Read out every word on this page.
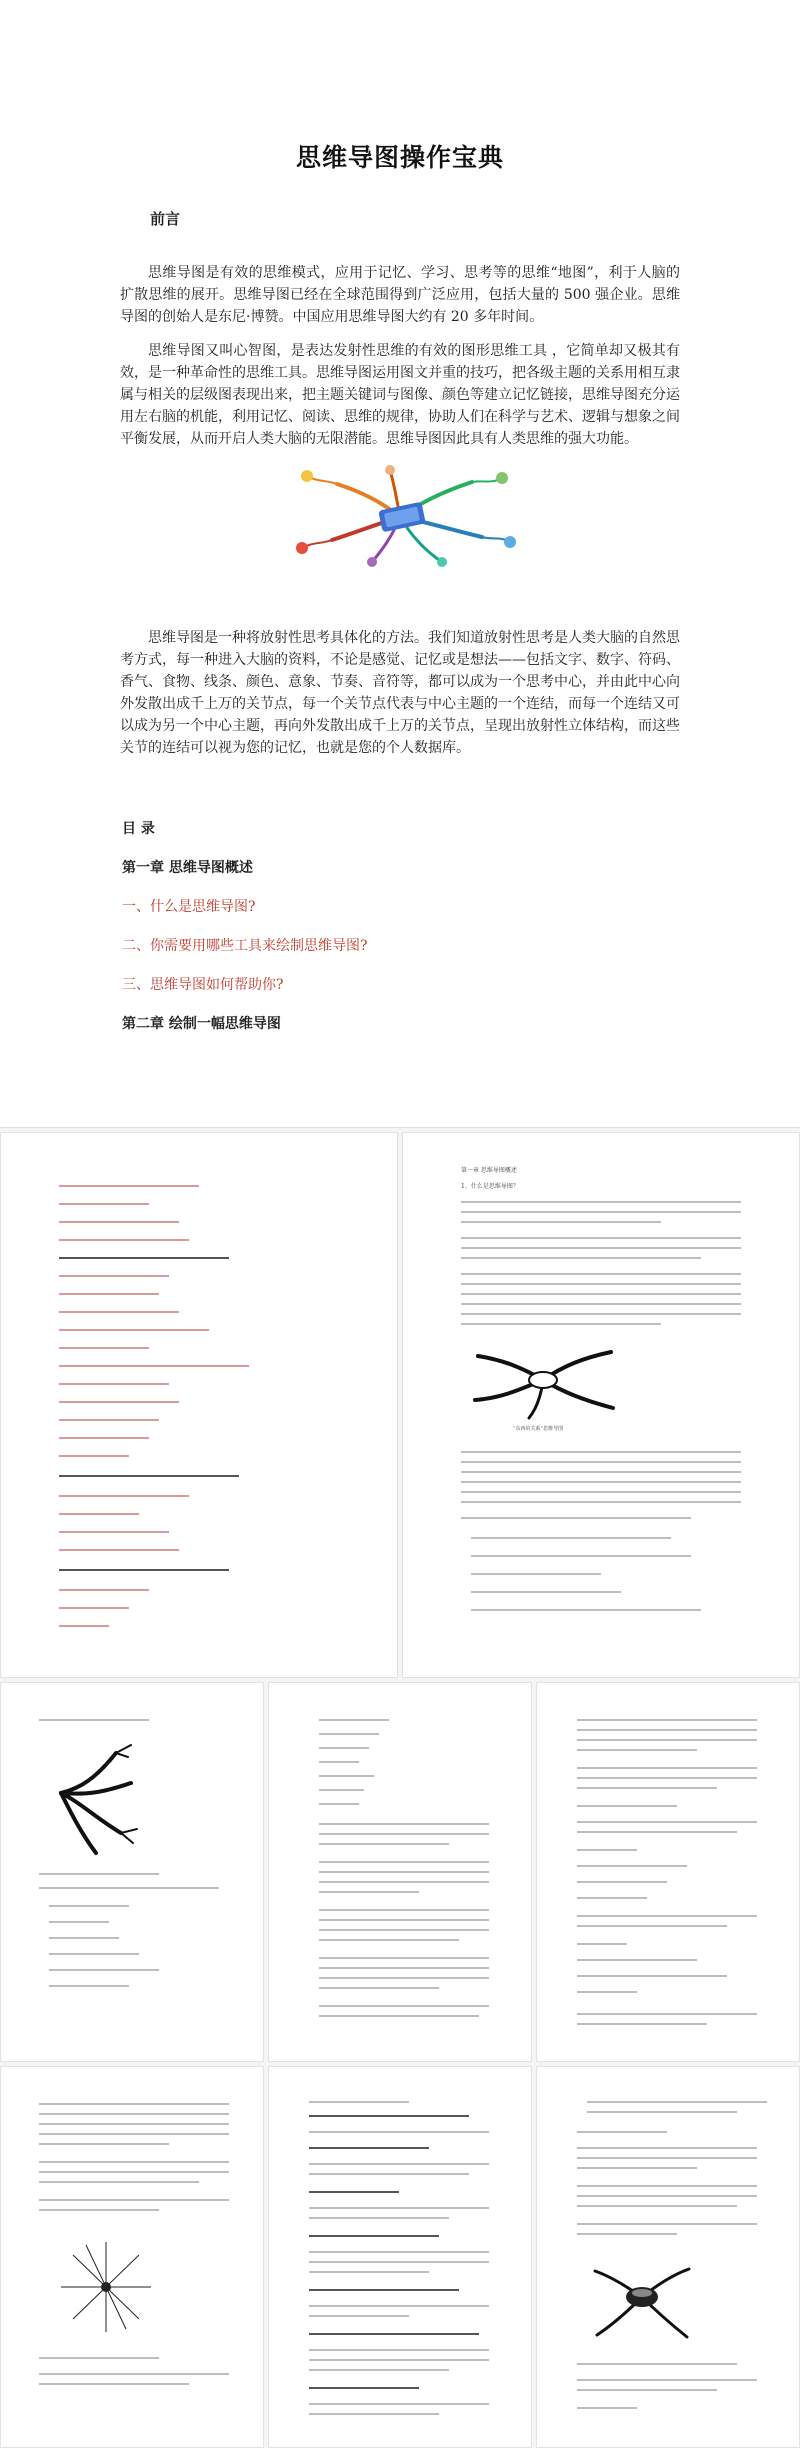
思维导图操作宝典
前言

思维导图是有效的思维模式，应用于记忆、学习、思考等的思维“地图”，利于人脑的扩散思维的展开。思维导图已经在全球范围得到广泛应用，包括大量的 500 强企业。思维导图的创始人是东尼·博赞。中国应用思维导图大约有 20 多年时间。

思维导图又叫心智图，是表达发射性思维的有效的图形思维工具 ，它简单却又极其有效，是一种革命性的思维工具。思维导图运用图文并重的技巧，把各级主题的关系用相互隶属与相关的层级图表现出来，把主题关键词与图像、颜色等建立记忆链接，思维导图充分运用左右脑的机能，利用记忆、阅读、思维的规律，协助人们在科学与艺术、逻辑与想象之间平衡发展，从而开启人类大脑的无限潜能。思维导图因此具有人类思维的强大功能。

思维导图是一种将放射性思考具体化的方法。我们知道放射性思考是人类大脑的自然思考方式，每一种进入大脑的资料，不论是感觉、记忆或是想法——包括文字、数字、符码、香气、食物、线条、颜色、意象、节奏、音符等，都可以成为一个思考中心，并由此中心向外发散出成千上万的关节点，每一个关节点代表与中心主题的一个连结，而每一个连结又可以成为另一个中心主题，再向外发散出成千上万的关节点，呈现出放射性立体结构，而这些关节的连结可以视为您的记忆，也就是您的个人数据库。

目 录
第一章 思维导图概述
一、什么是思维导图?
二、你需要用哪些工具来绘制思维导图?
三、思维导图如何帮助你?
第二章 绘制一幅思维导图
第一章 思维导图概述
1、什么是思维导图？
“东西的关系”思维导图
